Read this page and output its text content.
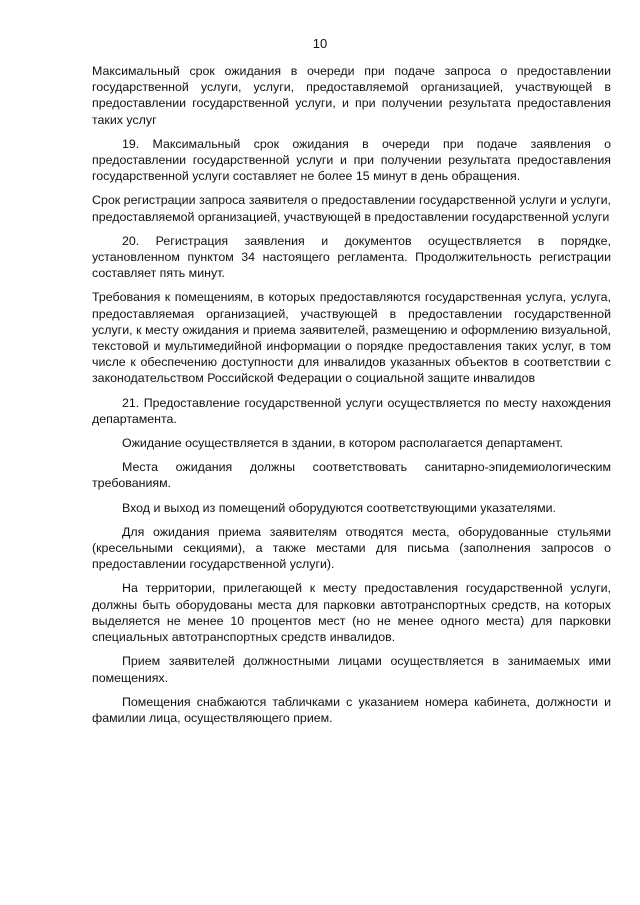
10

Максимальный срок ожидания в очереди при подаче запроса о предоставлении государственной услуги, услуги, предоставляемой организацией, участвующей в предоставлении государственной услуги, и при получении результата предоставления таких услуг

19. Максимальный срок ожидания в очереди при подаче заявления о предоставлении государственной услуги и при получении результата предоставления государственной услуги составляет не более 15 минут в день обращения.

Срок регистрации запроса заявителя о предоставлении государственной услуги и услуги, предоставляемой организацией, участвующей в предоставлении государственной услуги

20. Регистрация заявления и документов осуществляется в порядке, установленном пунктом 34 настоящего регламента. Продолжительность регистрации составляет пять минут.

Требования к помещениям, в которых предоставляются государственная услуга, услуга, предоставляемая организацией, участвующей в предоставлении государственной услуги, к месту ожидания и приема заявителей, размещению и оформлению визуальной, текстовой и мультимедийной информации о порядке предоставления таких услуг, в том числе к обеспечению доступности для инвалидов указанных объектов в соответствии с законодательством Российской Федерации о социальной защите инвалидов

21. Предоставление государственной услуги осуществляется по месту нахождения департамента.

Ожидание осуществляется в здании, в котором располагается департамент.

Места ожидания должны соответствовать санитарно-эпидемиологическим требованиям.

Вход и выход из помещений оборудуются соответствующими указателями.

Для ожидания приема заявителям отводятся места, оборудованные стульями (кресельными секциями), а также местами для письма (заполнения запросов о предоставлении государственной услуги).

На территории, прилегающей к месту предоставления государственной услуги, должны быть оборудованы места для парковки автотранспортных средств, на которых выделяется не менее 10 процентов мест (но не менее одного места) для парковки специальных автотранспортных средств инвалидов.

Прием заявителей должностными лицами осуществляется в занимаемых ими помещениях.

Помещения снабжаются табличками с указанием номера кабинета, должности и фамилии лица, осуществляющего прием.
